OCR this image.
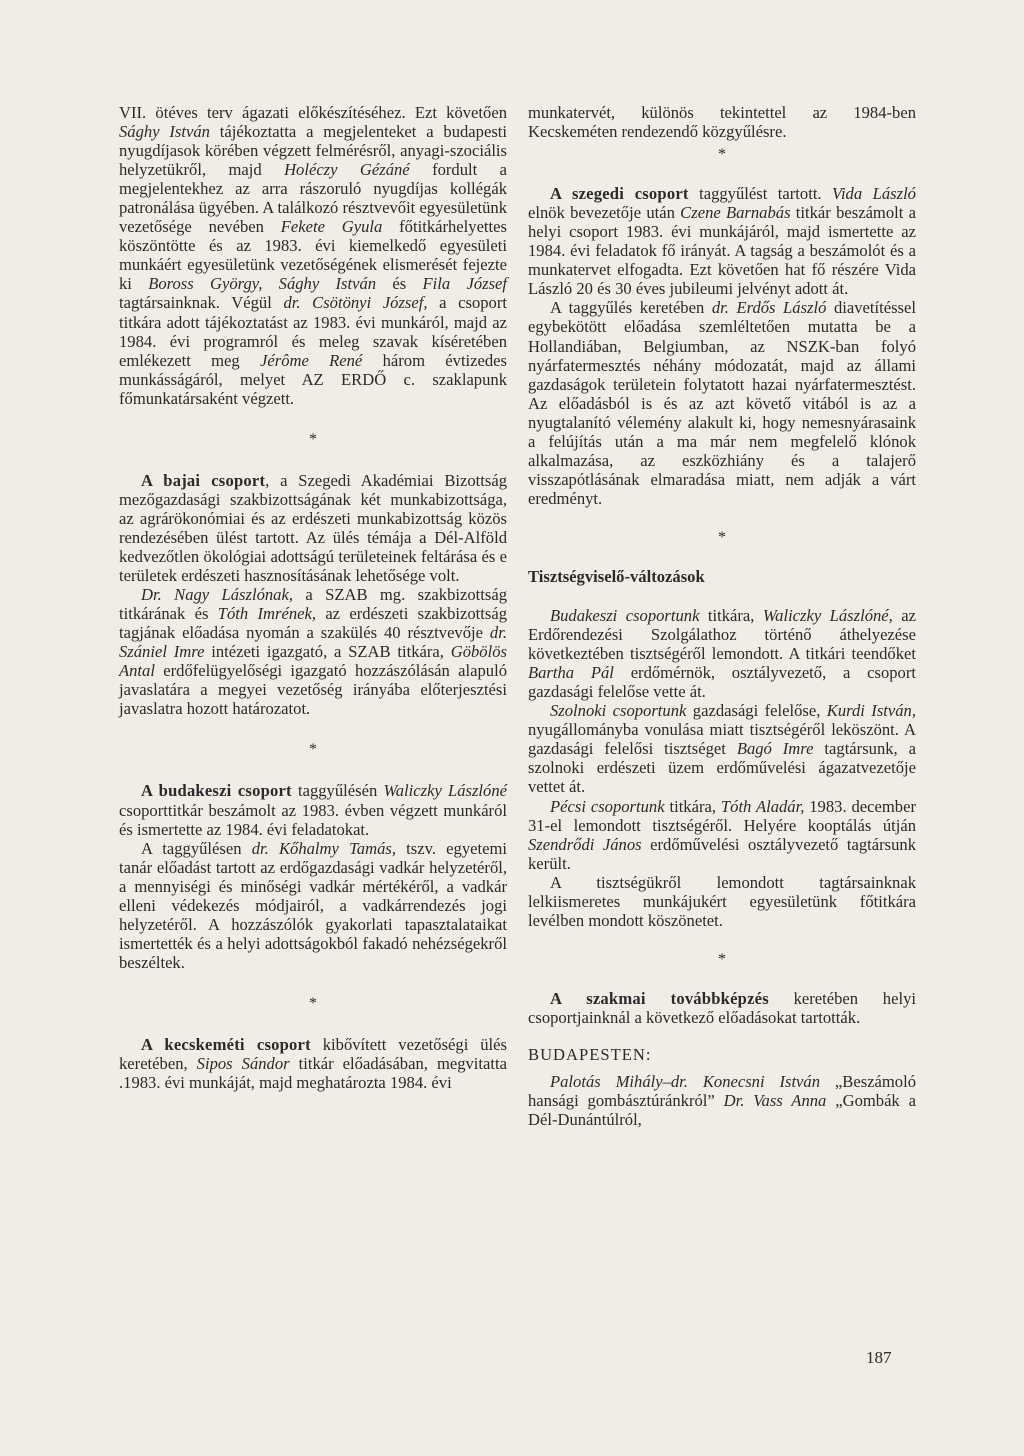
VII. ötéves terv ágazati előkészítéséhez. Ezt követően Sághy István tájékoztatta a megjelenteket a budapesti nyugdíjasok körében végzett felmérésről, anyagi-szociális helyzetükről, majd Holéczy Gézáné fordult a megjelentekhez az arra rászoruló nyugdíjas kollégák patronálása ügyében. A találkozó résztvevőit egyesületünk vezetősége nevében Fekete Gyula főtitkárhelyettes köszöntötte és az 1983. évi kiemelkedő egyesületi munkáért egyesületünk vezetőségének elismerését fejezte ki Boross György, Sághy István és Fila József tagtársainknak. Végül dr. Csötönyi József, a csoport titkára adott tájékoztatást az 1983. évi munkáról, majd az 1984. évi programról és meleg szavak kíséretében emlékezett meg Jérôme René három évtizedes munkásságáról, melyet AZ ERDŐ c. szaklapunk főmunkatársaként végzett.

*

A bajai csoport, a Szegedi Akadémiai Bizottság mezőgazdasági szakbizottságának két munkabizottsága, az agrárökonómiai és az erdészeti munkabizottság közös rendezésében ülést tartott. Az ülés témája a Dél-Alföld kedvezőtlen ökológiai adottságú területeinek feltárása és e területek erdészeti hasznosításának lehetősége volt.

Dr. Nagy Lászlónak, a SZAB mg. szakbizottság titkárának és Tóth Imrének, az erdészeti szakbizottság tagjának előadása nyomán a szakülés 40 résztvevője dr. Szániel Imre intézeti igazgató, a SZAB titkára, Göbölös Antal erdőfelügyelőségi igazgató hozzászólásán alapuló javaslatára a megyei vezetőség irányába előterjesztési javaslatra hozott határozatot.

*

A budakeszi csoport taggyűlésén Waliczky Lászlóné csoporttitkár beszámolt az 1983. évben végzett munkáról és ismertette az 1984. évi feladatokat.

A taggyűlésen dr. Kőhalmy Tamás, tszv. egyetemi tanár előadást tartott az erdőgazdasági vadkár helyzetéről, a mennyiségi és minőségi vadkár mértékéről, a vadkár elleni védekezés módjairól, a vadkárrendezés jogi helyzetéről. A hozzászólók gyakorlati tapasztalataikat ismertették és a helyi adottságokból fakadó nehézségekről beszéltek.

*

A kecskeméti csoport kibővített vezetőségi ülés keretében, Sipos Sándor titkár előadásában, megvitatta .1983. évi munkáját, majd meghatározta 1984. évi

munkatervét, különös tekintettel az 1984-ben Kecskeméten rendezendő közgyűlésre.

*

A szegedi csoport taggyűlést tartott. Vida László elnök bevezetője után Czene Barnabás titkár beszámolt a helyi csoport 1983. évi munkájáról, majd ismertette az 1984. évi feladatok fő irányát. A tagság a beszámolót és a munkatervet elfogadta. Ezt követően hat fő részére Vida László 20 és 30 éves jubileumi jelvényt adott át.

A taggyűlés keretében dr. Erdős László diavetítéssel egybekötött előadása szemléltetően mutatta be a Hollandiában, Belgiumban, az NSZK-ban folyó nyárfatermesztés néhány módozatát, majd az állami gazdaságok területein folytatott hazai nyárfatermesztést. Az előadásból is és az azt követő vitából is az a nyugtalanító vélemény alakult ki, hogy nemesnyárasaink a felújítás után a ma már nem megfelelő klónok alkalmazása, az eszközhiány és a talajerő visszapótlásának elmaradása miatt, nem adják a várt eredményt.

*

Tisztségviselő-változások

Budakeszi csoportunk titkára, Waliczky Lászlóné, az Erdőrendezési Szolgálathoz történő áthelyezése következtében tisztségéről lemondott. A titkári teendőket Bartha Pál erdőmérnök, osztályvezető, a csoport gazdasági felelőse vette át.

Szolnoki csoportunk gazdasági felelőse, Kurdi István, nyugállományba vonulása miatt tisztségéről leköszönt. A gazdasági felelősi tisztséget Bagó Imre tagtársunk, a szolnoki erdészeti üzem erdőművelési ágazatvezetője vettet át.

Pécsi csoportunk titkára, Tóth Aladár, 1983. december 31-el lemondott tisztségéről. Helyére kooptálás útján Szendrődi János erdőművelési osztályvezető tagtársunk került.

A tisztségükről lemondott tagtársainknak lelkiismeretes munkájukért egyesületünk főtitkára levélben mondott köszönetet.

*

A szakmai továbbképzés keretében helyi csoportjainknál a következő előadásokat tartották.

BUDAPESTEN:

Palotás Mihály–dr. Konecsni István „Beszámoló hansági gombásztúránkról” Dr. Vass Anna „Gombák a Dél-Dunántúlról,

187
